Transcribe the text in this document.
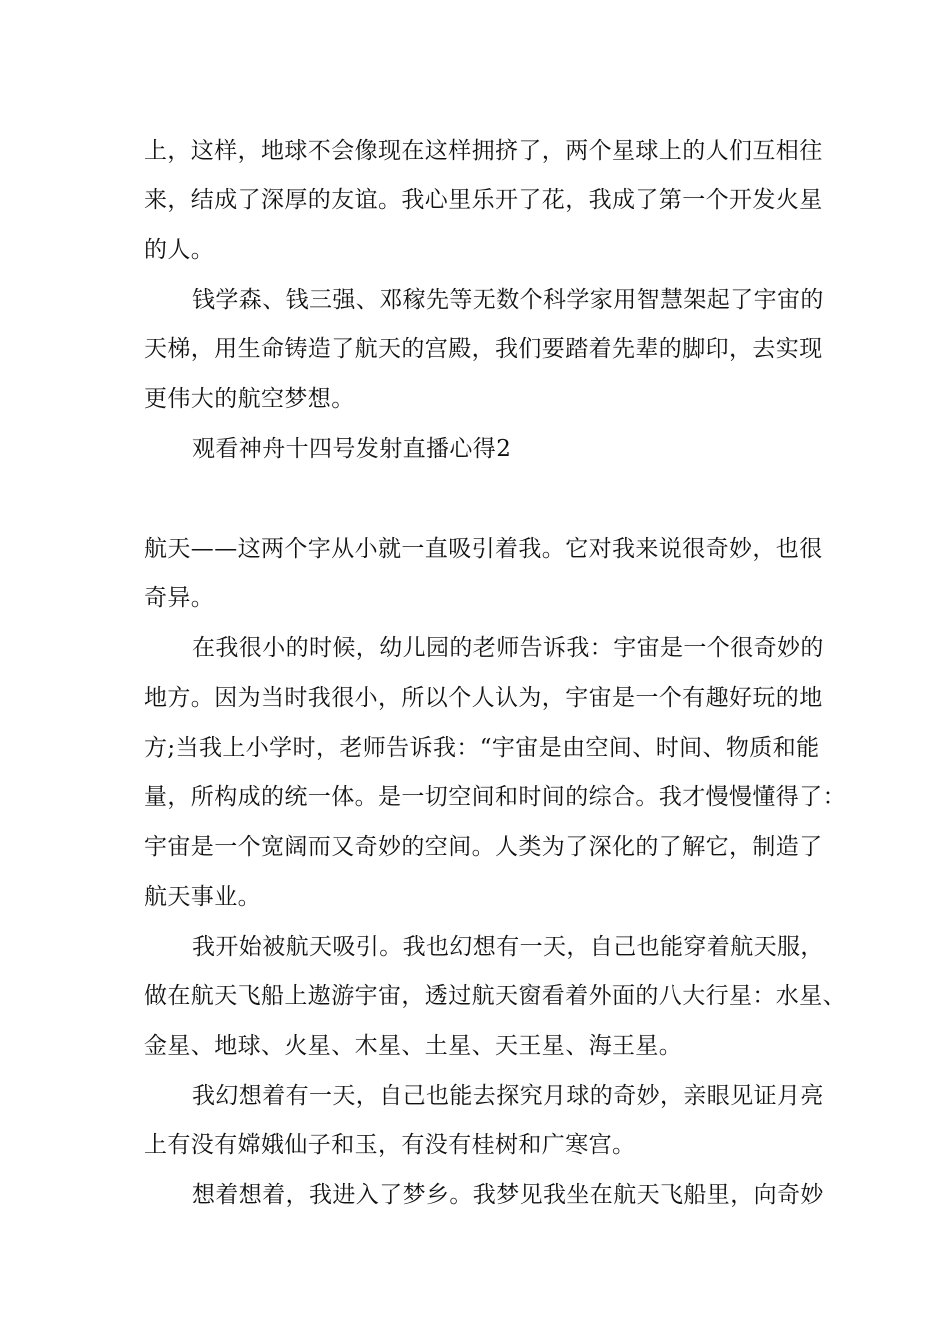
上，这样，地球不会像现在这样拥挤了，两个星球上的人们互相往
来，结成了深厚的友谊。我心里乐开了花，我成了第一个开发火星
的人。
钱学森、钱三强、邓稼先等无数个科学家用智慧架起了宇宙的
天梯，用生命铸造了航天的宫殿，我们要踏着先辈的脚印，去实现
更伟大的航空梦想。
观看神舟十四号发射直播心得2
航天——这两个字从小就一直吸引着我。它对我来说很奇妙，也很
奇异。
在我很小的时候，幼儿园的老师告诉我：宇宙是一个很奇妙的
地方。因为当时我很小，所以个人认为，宇宙是一个有趣好玩的地
方;当我上小学时，老师告诉我：“宇宙是由空间、时间、物质和能
量，所构成的统一体。是一切空间和时间的综合。我才慢慢懂得了：
宇宙是一个宽阔而又奇妙的空间。人类为了深化的了解它，制造了
航天事业。
我开始被航天吸引。我也幻想有一天，自己也能穿着航天服，
做在航天飞船上遨游宇宙，透过航天窗看着外面的八大行星：水星、
金星、地球、火星、木星、土星、天王星、海王星。
我幻想着有一天，自己也能去探究月球的奇妙，亲眼见证月亮
上有没有嫦娥仙子和玉，有没有桂树和广寒宫。
想着想着，我进入了梦乡。我梦见我坐在航天飞船里，向奇妙
